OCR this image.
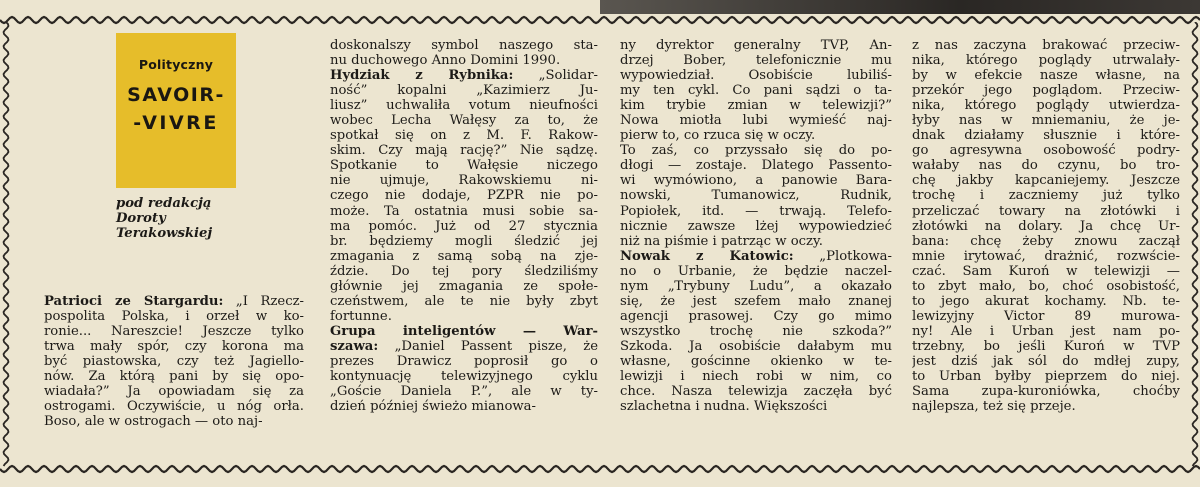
Polityczny
SAVOIR-
-VIVRE
pod redakcją
Doroty
Terakowskiej
Patrioci ze Stargardu: „I Rzecz-
pospolita Polska, i orzeł w ko-
ronie... Nareszcie! Jeszcze tylko
trwa mały spór, czy korona ma
być piastowska, czy też Jagiello-
nów. Za którą pani by się opo-
wiadała?” Ja opowiadam się za
ostrogami. Oczywiście, u nóg orła.
Boso, ale w ostrogach — oto naj-
doskonalszy symbol naszego sta-
nu duchowego Anno Domini 1990.
Hydziak z Rybnika: „Solidar-
ność” kopalni „Kazimierz Ju-
liusz” uchwaliła votum nieufności
wobec Lecha Wałęsy za to, że
spotkał się on z M. F. Rakow-
skim. Czy mają rację?” Nie sądzę.
Spotkanie to Wałęsie niczego
nie ujmuje, Rakowskiemu ni-
czego nie dodaje, PZPR nie po-
może. Ta ostatnia musi sobie sa-
ma pomóc. Już od 27 stycznia
br. będziemy mogli śledzić jej
zmagania z samą sobą na zje-
ździe. Do tej pory śledziliśmy
głównie jej zmagania ze społe-
czeństwem, ale te nie były zbyt
fortunne.
Grupa inteligentów — War-
szawa: „Daniel Passent pisze, że
prezes Drawicz poprosił go o
kontynuację telewizyjnego cyklu
„Goście Daniela P.”, ale w ty-
dzień później świeżo mianowa-
ny dyrektor generalny TVP, An-
drzej Bober, telefonicznie mu
wypowiedział. Osobiście lubiliś-
my ten cykl. Co pani sądzi o ta-
kim trybie zmian w telewizji?”
Nowa miotła lubi wymieść naj-
pierw to, co rzuca się w oczy.
To zaś, co przyssało się do po-
dłogi — zostaje. Dlatego Passento-
wi wymówiono, a panowie Bara-
nowski, Tumanowicz, Rudnik,
Popiołek, itd. — trwają. Telefo-
nicznie zawsze lżej wypowiedzieć
niż na piśmie i patrząc w oczy.
Nowak z Katowic: „Plotkowa-
no o Urbanie, że będzie naczel-
nym „Trybuny Ludu”, a okazało
się, że jest szefem mało znanej
agencji prasowej. Czy go mimo
wszystko trochę nie szkoda?”
Szkoda. Ja osobiście dałabym mu
własne, gościnne okienko w te-
lewizji i niech robi w nim, co
chce. Nasza telewizja zaczęła być
szlachetna i nudna. Większości
z nas zaczyna brakować przeciw-
nika, którego poglądy utrwalały-
by w efekcie nasze własne, na
przekór jego poglądom. Przeciw-
nika, którego poglądy utwierdza-
łyby nas w mniemaniu, że je-
dnak działamy słusznie i które-
go agresywna osobowość podry-
wałaby nas do czynu, bo tro-
chę jakby kapcaniejemy. Jeszcze
trochę i zaczniemy już tylko
przeliczać towary na złotówki i
złotówki na dolary. Ja chcę Ur-
bana: chcę żeby znowu zaczął
mnie irytować, drażnić, rozwście-
czać. Sam Kuroń w telewizji —
to zbyt mało, bo, choć osobistość,
to jego akurat kochamy. Nb. te-
lewizyjny Victor 89 murowa-
ny! Ale i Urban jest nam po-
trzebny, bo jeśli Kuroń w TVP
jest dziś jak sól do mdłej zupy,
to Urban byłby pieprzem do niej.
Sama zupa-kuroniówka, choćby
najlepsza, też się przeje.
